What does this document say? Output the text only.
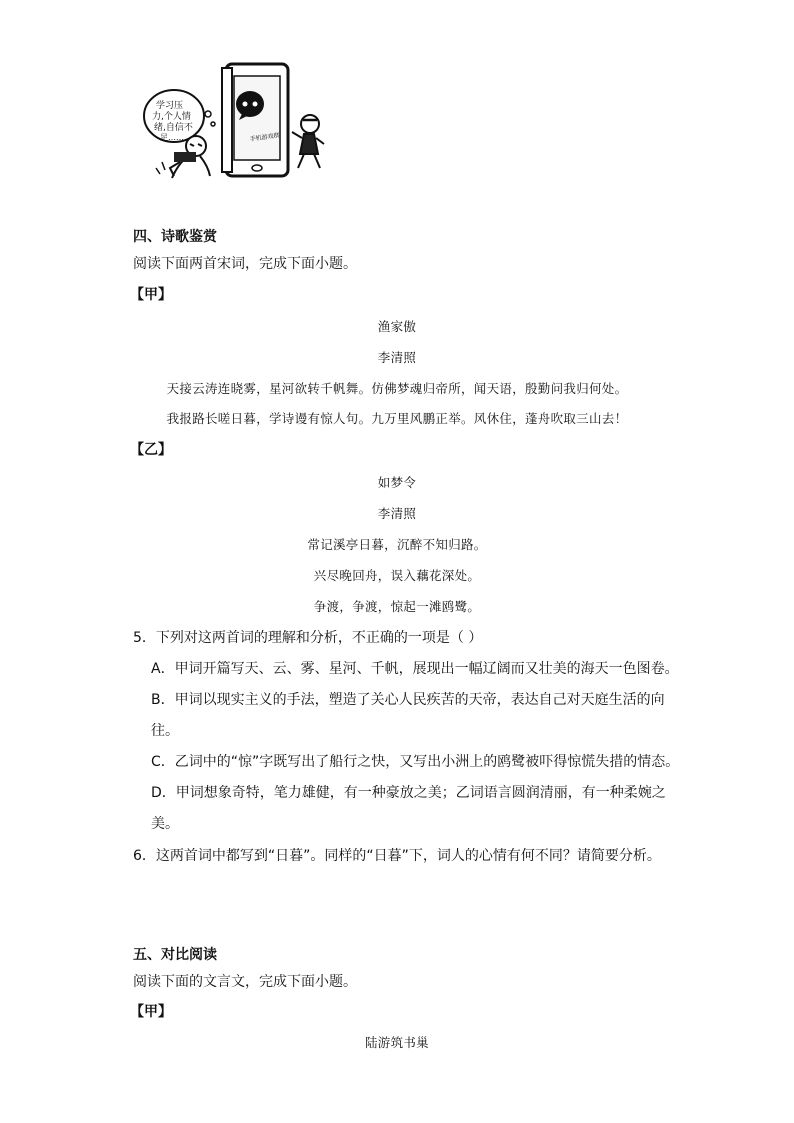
学习压
力,个人情
绪,自信不
足……	手机游戏群
四、诗歌鉴赏
阅读下面两首宋词，完成下面小题。
【甲】
渔家傲
李清照
天接云涛连晓雾，星河欲转千帆舞。仿佛梦魂归帝所，闻天语，殷勤问我归何处。
我报路长嗟日暮，学诗谩有惊人句。九万里风鹏正举。风休住，蓬舟吹取三山去！
【乙】
如梦令
李清照
常记溪亭日暮，沉醉不知归路。
兴尽晚回舟，误入藕花深处。
争渡，争渡，惊起一滩鸥鹭。
5．下列对这两首词的理解和分析，不正确的一项是（ ）
A．甲词开篇写天、云、雾、星河、千帆，展现出一幅辽阔而又壮美的海天一色图卷。
B．甲词以现实主义的手法，塑造了关心人民疾苦的天帝，表达自己对天庭生活的向
往。
C．乙词中的“惊”字既写出了船行之快，又写出小洲上的鸥鹭被吓得惊慌失措的情态。
D．甲词想象奇特，笔力雄健，有一种豪放之美；乙词语言圆润清丽，有一种柔婉之
美。
6．这两首词中都写到“日暮”。同样的“日暮”下，词人的心情有何不同？请简要分析。
五、对比阅读
阅读下面的文言文，完成下面小题。
【甲】
陆游筑书巢
